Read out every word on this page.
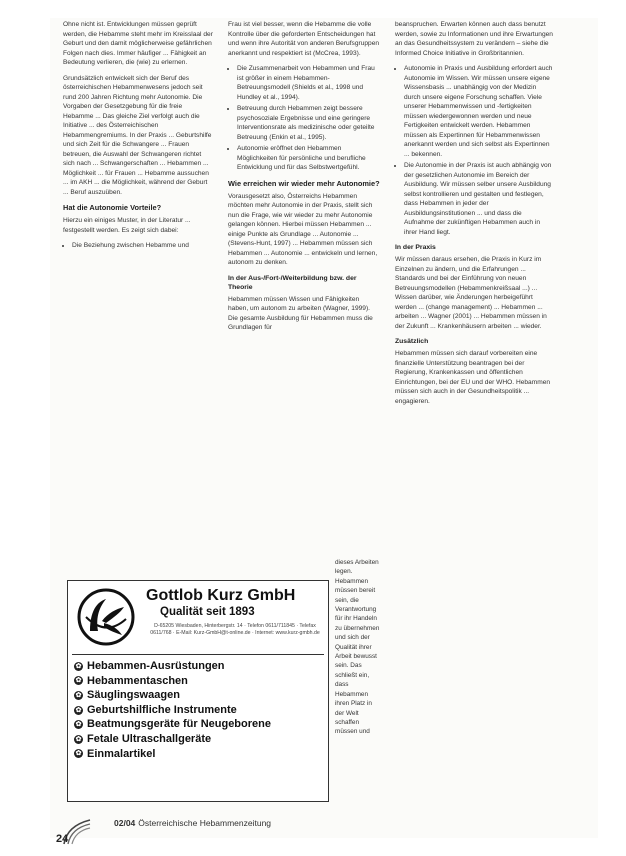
Ohne nicht ist. Entwicklungen müssen geprüft werden, die Hebamme steht mehr im Kreisslaal der Geburt und den damit möglicherweise gefährlichen Folgen nach dies. Immer häufiger ... Fähigkeit an Bedeutung verlieren, die (wie) zu erlernen.

Grundsätzlich entwickelt sich der Beruf des österreichischen Hebammenwesens jedoch seit rund 200 Jahren Richtung mehr Autonomie. Die Vorgaben der Gesetzgebung für die freie Hebamme ... Das gleiche Ziel verfolgt auch die Initiative ... des Österreichischen Hebammengremiums. In der Praxis ... Geburtshilfe und sich Zeit für die Schwangere ... Frauen betreuen, die Auswahl der Schwangeren richtet sich nach ... Schwangerschaften ... Hebammen ... Möglichkeit ... für Frauen ... Hebamme aussuchen ... im AKH ... die Möglichkeit, während der Geburt ... Beruf auszuüben.

Hat die Autonomie Vorteile?

Hierzu ein einiges Muster, in der Literatur ... festgestellt werden. Es zeigt sich dabei:

• Die Beziehung zwischen Hebamme und

Frau ist viel besser, wenn die Hebamme die volle Kontrolle über die geforderten Entscheidungen hat und wenn ihre Autorität von anderen Berufsgruppen anerkannt und respektiert ist (McCrea, 1993).

• Die Zusammenarbeit von Hebammen und Frau ist größer in einem Hebammen-Betreuungsmodell (Shields et al., 1998 und Hundley et al., 1994).
• Betreuung durch Hebammen zeigt bessere psychosoziale Ergebnisse und eine geringere Interventionsrate als medizinische oder geteilte Betreuung (Enkin et al., 1995).
• Autonomie eröffnet den Hebammen Möglichkeiten für persönliche und berufliche Entwicklung und für das Selbstwertgefühl.
Wie erreichen wir wieder mehr Autonomie?

Vorausgesetzt also, Österreichs Hebammen möchten mehr Autonomie in der Praxis, stellt sich nun die Frage, wie wir wieder zu mehr Autonomie gelangen können. Hierbei müssen Hebammen ... einige Punkte als Grundlage ... Autonomie ... (Stevens-Hunt, 1997) ... Hebammen müssen sich Hebammen ... Autonomie ... entwickeln und lernen, autonom zu denken.

In der Aus-/Fort-/Weiterbildung bzw. der Theorie

Hebammen müssen Wissen und Fähigkeiten haben, um autonom zu arbeiten (Wagner, 1999). Die gesamte Ausbildung für Hebammen muss die Grundlagen für

dieses Arbeiten legen. Hebammen müssen bereit sein, die Verantwortung für ihr Handeln zu übernehmen und sich der Qualität ihrer Arbeit bewusst sein. Das schließt ein, dass Hebammen ihren Platz in der Welt schaffen müssen und

beanspruchen. Erwarten können auch dass benutzt werden, sowie zu Informationen und ihre Erwartungen an das Gesundheitssystem zu verändern – siehe die Informed Choice Initiative in Großbritannien.

• Autonomie in Praxis und Ausbildung erfordert auch Autonomie im Wissen. Wir müssen unsere eigene Wissensbasis ... unabhängig von der Medizin durch unsere eigene Forschung schaffen. Viele unserer Hebammenwissen und -fertigkeiten müssen wiedergewonnen werden und neue Fertigkeiten entwickelt werden. Hebammen müssen als Expertinnen für Hebammenwissen anerkannt werden und sich selbst als Expertinnen ... bekennen.
• Die Autonomie in der Praxis ist auch abhängig von der gesetzlichen Autonomie im Bereich der Ausbildung. Wir müssen selber unsere Ausbildung selbst kontrollieren und gestalten und festlegen, dass Hebammen in jeder der Ausbildungsinstitutionen ... und dass die Aufnahme der zukünftigen Hebammen auch in ihrer Hand liegt.
In der Praxis

Wir müssen daraus ersehen, die Praxis in Kurz im Einzelnen zu ändern, und die Erfahrungen ... Standards und bei der Einführung von neuen Betreuungsmodellen (Hebammenkreißsaal ...) ... Wissen darüber, wie Änderungen herbeigeführt werden ... (change management) ... Hebammen ... arbeiten ... Wagner (2001) ... Hebammen müssen in der Zukunft ... Krankenhäusern arbeiten ... wieder.

Zusätzlich

Hebammen müssen sich darauf vorbereiten eine finanzielle Unterstützung beantragen bei der Regierung, Krankenkassen und öffentlichen Einrichtungen, bei der EU und der WHO. Hebammen müssen sich auch in der Gesundheitspolitik ... engagieren.

Gottlob Kurz GmbH
Qualität seit 1893
D-65205 Wiesbaden, Hinterbergstr. 14 · Telefon 0611/711845 · Telefax 0611/768 · E-Mail: Kurz-GmbH@t-online.de · Internet: www.kurz-gmbh.de
✿ Hebammen-Ausrüstungen
✿ Hebammentaschen
✿ Säuglingswaagen
✿ Geburtshilfliche Instrumente
✿ Beatmungsgeräte für Neugeborene
✿ Fetale Ultraschallgeräte
✿ Einmalartikel
24
02/04 Österreichische Hebammenzeitung
